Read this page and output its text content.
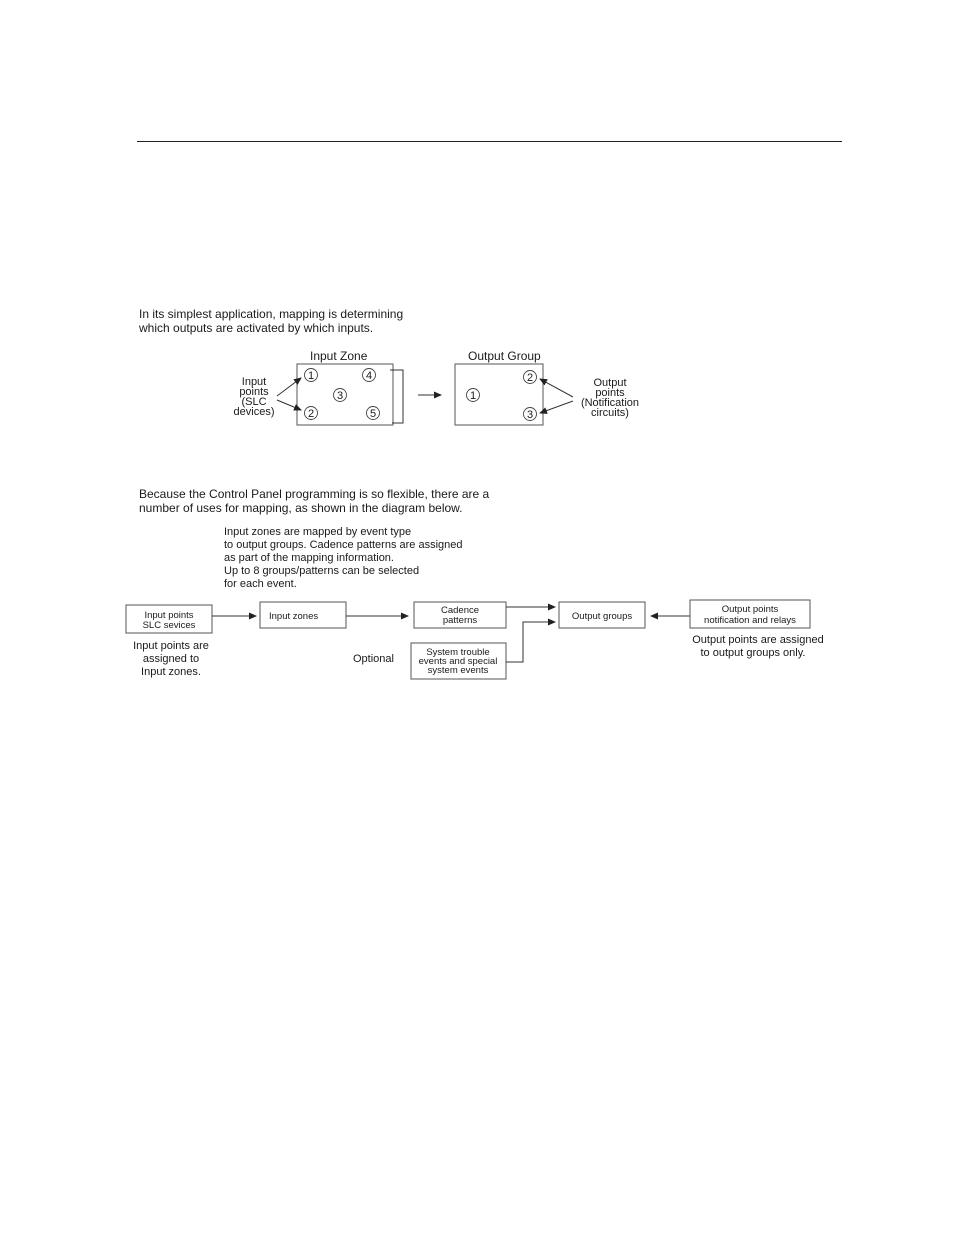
In its simplest application, mapping is determining
which outputs are activated by which inputs.
Input Zone	Output Group
1	4
3
2	5
2
1
3
Input
points
(SLC
devices)
Output
points
(Notification
circuits)
Because the Control Panel programming is so flexible, there are a
number of uses for mapping, as shown in the diagram below.
Input zones are mapped by event type
to output groups. Cadence patterns are assigned
as part of the mapping information.
Up to 8 groups/patterns can be selected
for each event.
Input points
SLC sevices
Input zones
Cadence
patterns	Output groups
Output points
notification and relays
Optional
System trouble
events and special
system events
Input points are
assigned to
Input zones.
Output points are assigned
to output groups only.
